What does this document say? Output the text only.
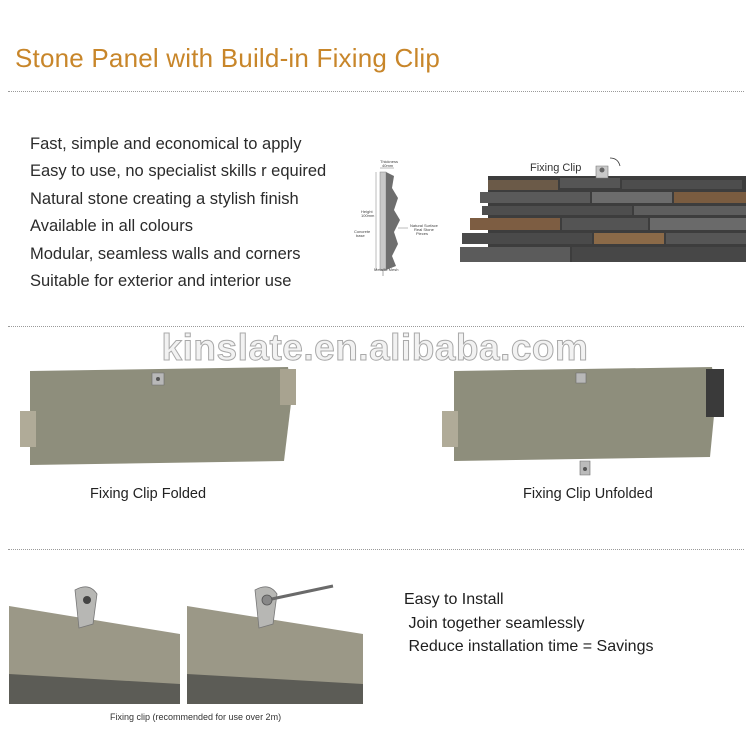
Stone Panel with Build-in Fixing Clip
Fast, simple and economical to apply
Easy to use, no specialist skills r equired
Natural stone creating a stylish finish
Available in all colours
Modular, seamless walls and corners
Suitable for exterior and interior use
Thickness
40mm
Height
100mm
Concrete
base
Natural Surface
Real Stone
Pieces
Metallic Mesh
Fixing Clip
kinslate.en.alibaba.com
Fixing Clip Folded	Fixing Clip Unfolded
Easy to Install
Join together seamlessly
Reduce installation time = Savings
Fixing clip (recommended for use over 2m)
